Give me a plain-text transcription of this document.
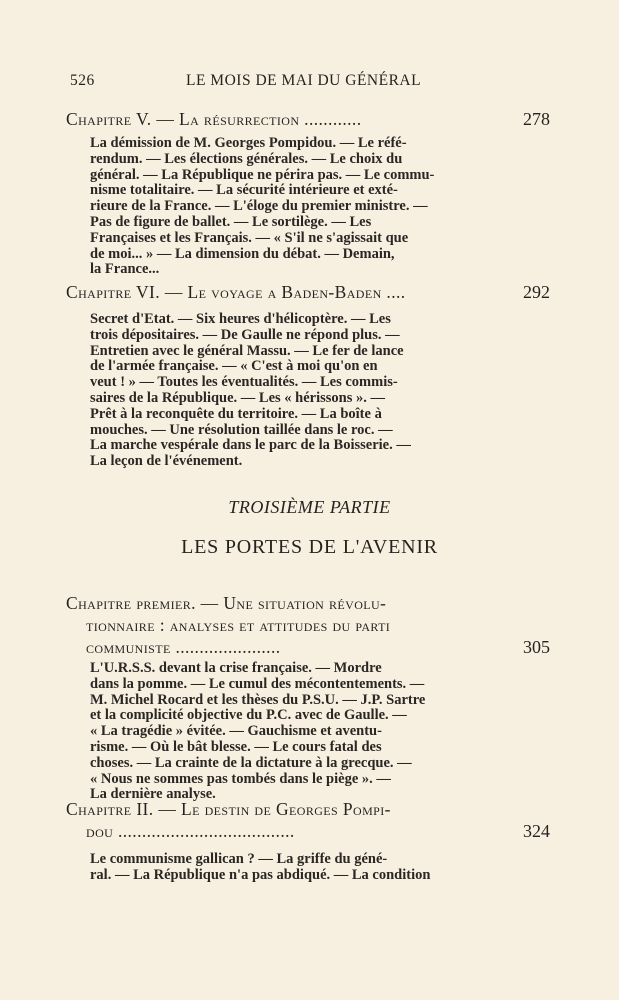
526	LE MOIS DE MAI DU GÉNÉRAL
Chapitre V. — La résurrection ............	278
La démission de M. Georges Pompidou. — Le réfé-
rendum. — Les élections générales. — Le choix du
général. — La République ne périra pas. — Le commu-
nisme totalitaire. — La sécurité intérieure et exté-
rieure de la France. — L'éloge du premier ministre. —
Pas de figure de ballet. — Le sortilège. — Les
Françaises et les Français. — « S'il ne s'agissait que
de moi... » — La dimension du débat. — Demain,
la France...
Chapitre VI. — Le voyage a Baden-Baden ....	292
Secret d'Etat. — Six heures d'hélicoptère. — Les
trois dépositaires. — De Gaulle ne répond plus. —
Entretien avec le général Massu. — Le fer de lance
de l'armée française. — « C'est à moi qu'on en
veut ! » — Toutes les éventualités. — Les commis-
saires de la République. — Les « hérissons ». —
Prêt à la reconquête du territoire. — La boîte à
mouches. — Une résolution taillée dans le roc. —
La marche vespérale dans le parc de la Boisserie. —
La leçon de l'événement.
TROISIÈME PARTIE
LES PORTES DE L'AVENIR
Chapitre premier. — Une situation révolu-
tionnaire : analyses et attitudes du parti
communiste ......................	305
L'U.R.S.S. devant la crise française. — Mordre
dans la pomme. — Le cumul des mécontentements. —
M. Michel Rocard et les thèses du P.S.U. — J.P. Sartre
et la complicité objective du P.C. avec de Gaulle. —
« La tragédie » évitée. — Gauchisme et aventu-
risme. — Où le bât blesse. — Le cours fatal des
choses. — La crainte de la dictature à la grecque. —
« Nous ne sommes pas tombés dans le piège ». —
La dernière analyse.
Chapitre II. — Le destin de Georges Pompi-
dou .....................................	324
Le communisme gallican ? — La griffe du géné-
ral. — La République n'a pas abdiqué. — La condition
